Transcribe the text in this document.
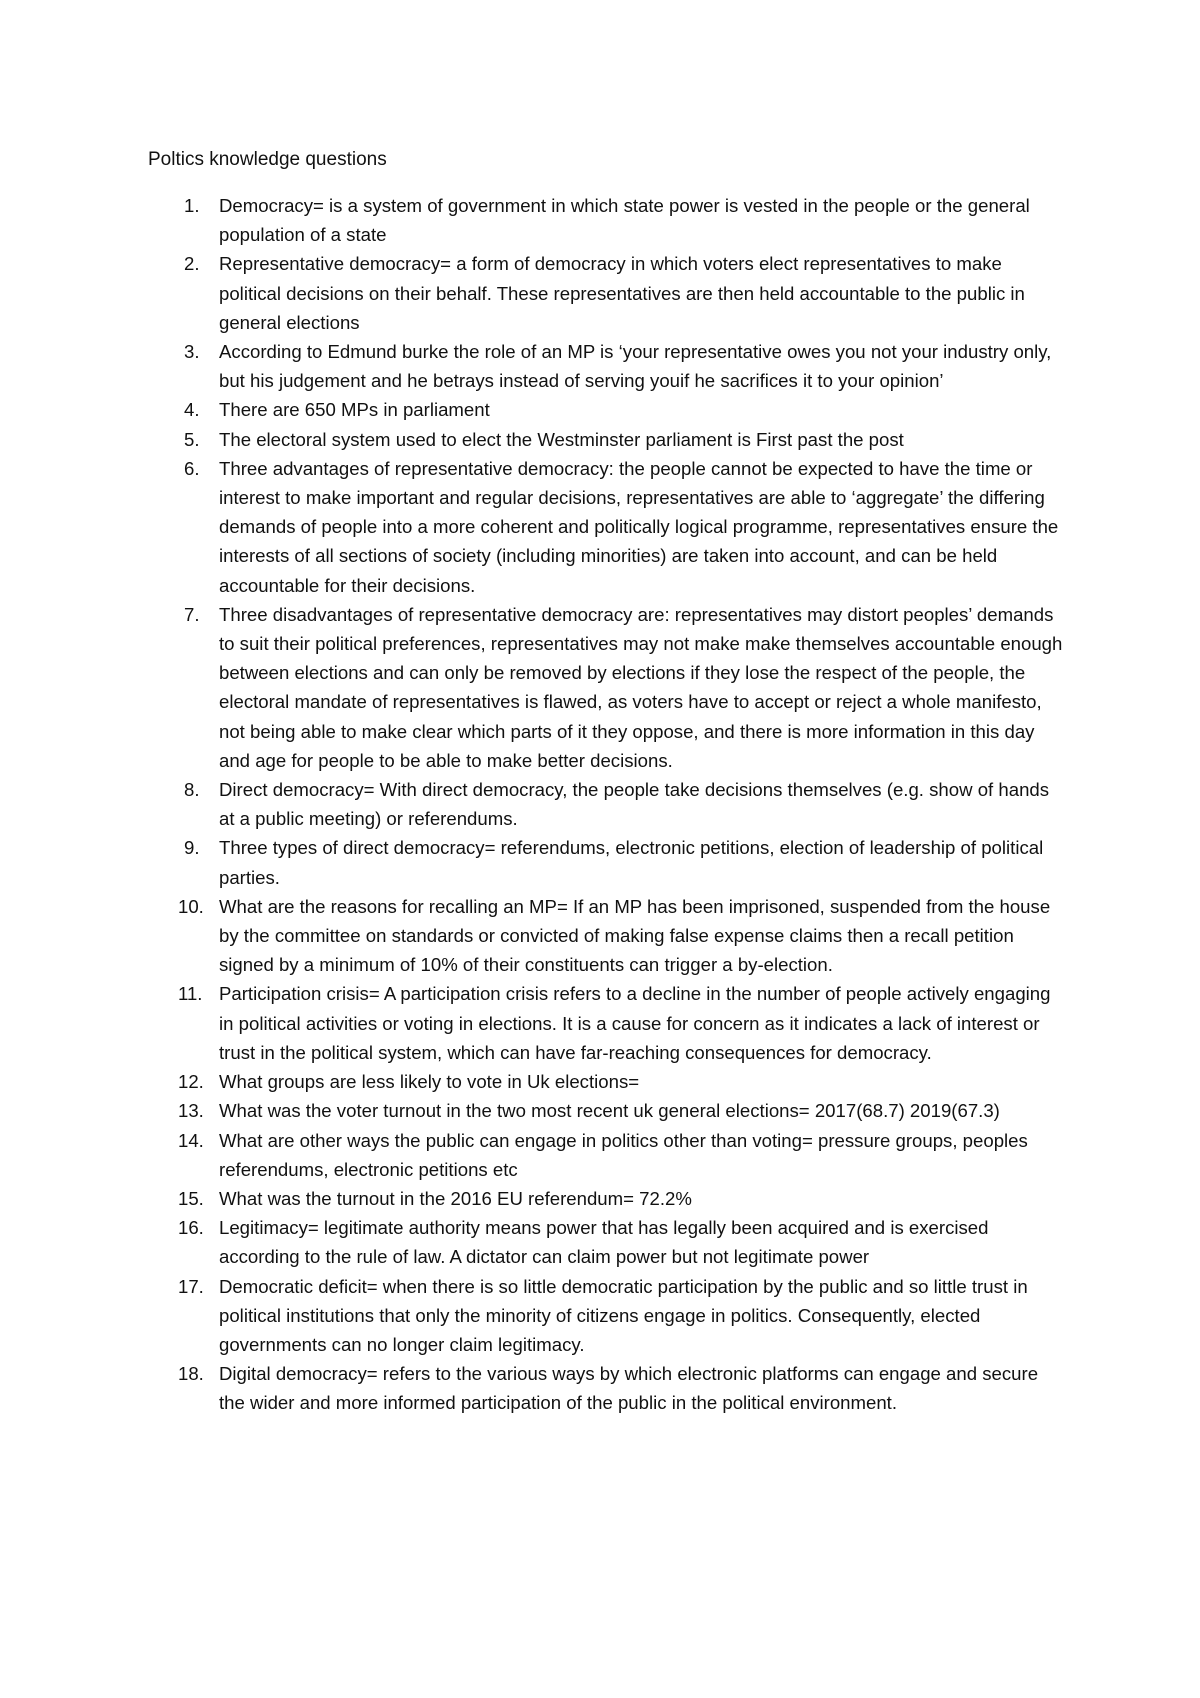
Poltics knowledge questions
1.	Democracy= is a system of government in which state power is vested in the people or the general population of a state
2.	Representative democracy= a form of democracy in which voters elect representatives to make political decisions on their behalf. These representatives are then held accountable to the public in general elections
3.	According to Edmund burke the role of an MP is ‘your representative owes you not your industry only, but his judgement and he betrays instead of serving youif he sacrifices it to your opinion’
4.	There are 650 MPs in parliament
5.	The electoral system used to elect the Westminster parliament is First past the post
6.	Three advantages of representative democracy: the people cannot be expected to have the time or interest to make important and regular decisions, representatives are able to ‘aggregate’ the differing demands of people into a more coherent and politically logical programme, representatives ensure the interests of all sections of society (including minorities) are taken into account, and can be held accountable for their decisions.
7.	Three disadvantages of representative democracy are: representatives may distort peoples’ demands to suit their political preferences, representatives may not make make themselves accountable enough between elections and can only be removed by elections if they lose the respect of the people, the electoral mandate of representatives is flawed, as voters have to accept or reject a whole manifesto, not being able to make clear which parts of it they oppose, and there is more information in this day and age for people to be able to make better decisions.
8.	Direct democracy= With direct democracy, the people take decisions themselves (e.g. show of hands at a public meeting) or referendums.
9.	Three types of direct democracy= referendums, electronic petitions, election of leadership of political parties.
10. What are the reasons for recalling an MP= If an MP has been imprisoned, suspended from the house by the committee on standards or convicted of making false expense claims then a recall petition signed by a minimum of 10% of their constituents can trigger a by-election.
11. Participation crisis= A participation crisis refers to a decline in the number of people actively engaging in political activities or voting in elections. It is a cause for concern as it indicates a lack of interest or trust in the political system, which can have far-reaching consequences for democracy.
12. What groups are less likely to vote in Uk elections=
13. What was the voter turnout in the two most recent uk general elections= 2017(68.7) 2019(67.3)
14. What are other ways the public can engage in politics other than voting= pressure groups, peoples referendums, electronic petitions etc
15. What was the turnout in the 2016 EU referendum= 72.2%
16. Legitimacy= legitimate authority means power that has legally been acquired and is exercised according to the rule of law. A dictator can claim power but not legitimate power
17. Democratic deficit= when there is so little democratic participation by the public and so little trust in political institutions that only the minority of citizens engage in politics. Consequently, elected governments can no longer claim legitimacy.
18. Digital democracy= refers to the various ways by which electronic platforms can engage and secure the wider and more informed participation of the public in the political environment.
